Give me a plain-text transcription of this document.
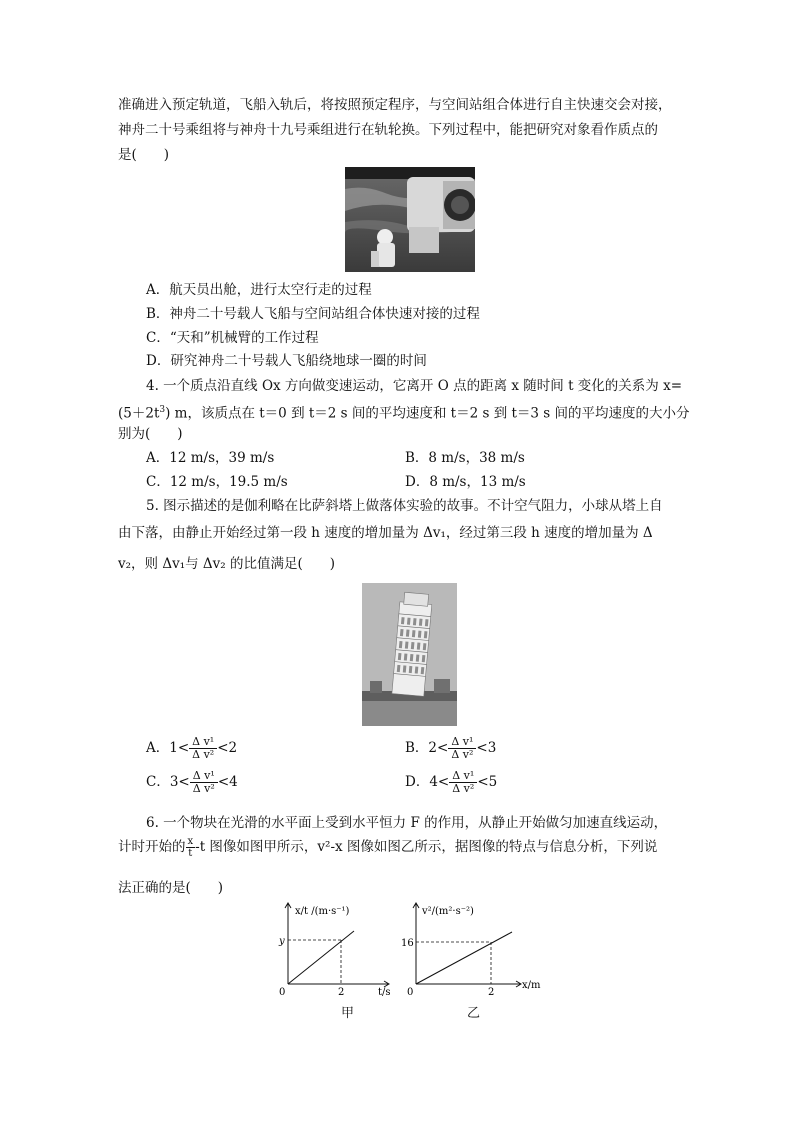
准确进入预定轨道，飞船入轨后，将按照预定程序，与空间站组合体进行自主快速交会对接，
神舟二十号乘组将与神舟十九号乘组进行在轨轮换。下列过程中，能把研究对象看作质点的
是(　　)
A．航天员出舱，进行太空行走的过程
B．神舟二十号载人飞船与空间站组合体快速对接的过程
C．“天和”机械臂的工作过程
D．研究神舟二十号载人飞船绕地球一圈的时间
4. 一个质点沿直线 Ox 方向做变速运动，它离开 O 点的距离 x 随时间 t 变化的关系为 x=
$(5+2t^3)$ m，该质点在 t＝0 到 t＝2 s 间的平均速度和 t＝2 s 到 t＝3 s 间的平均速度的大小分
别为(　　)
A．12 m/s，39 m/s	B．8 m/s，38 m/s
C．12 m/s，19.5 m/s	D．8 m/s，13 m/s
5. 图示描述的是伽利略在比萨斜塔上做落体实验的故事。不计空气阻力，小球从塔上自
由下落，由静止开始经过第一段 h 速度的增加量为 Δv₁，经过第三段 h 速度的增加量为 Δ
v₂，则 Δv₁与 Δv₂ 的比值满足(　　)
A．$1< \frac{\text{Δ v¹}}{\text{Δ v²}} <2$	B．$2< \frac{\text{Δ v¹}}{\text{Δ v²}} <3$
C．$3< \frac{\text{Δ v¹}}{\text{Δ v²}} <4$	D．$4< \frac{\text{Δ v¹}}{\text{Δ v²}} <5$
6. 一个物块在光滑的水平面上受到水平恒力 F 的作用，从静止开始做匀加速直线运动，
计时开始的 $\frac{x}{t} -t$ 图像如图甲所示，v²-x 图像如图乙所示，据图像的特点与信息分析，下列说
法正确的是(　　)
x/t /(m·s⁻¹)
y
2
0	t/s
甲
v²/(m²·s⁻²)
16
2
0
x/m
乙
